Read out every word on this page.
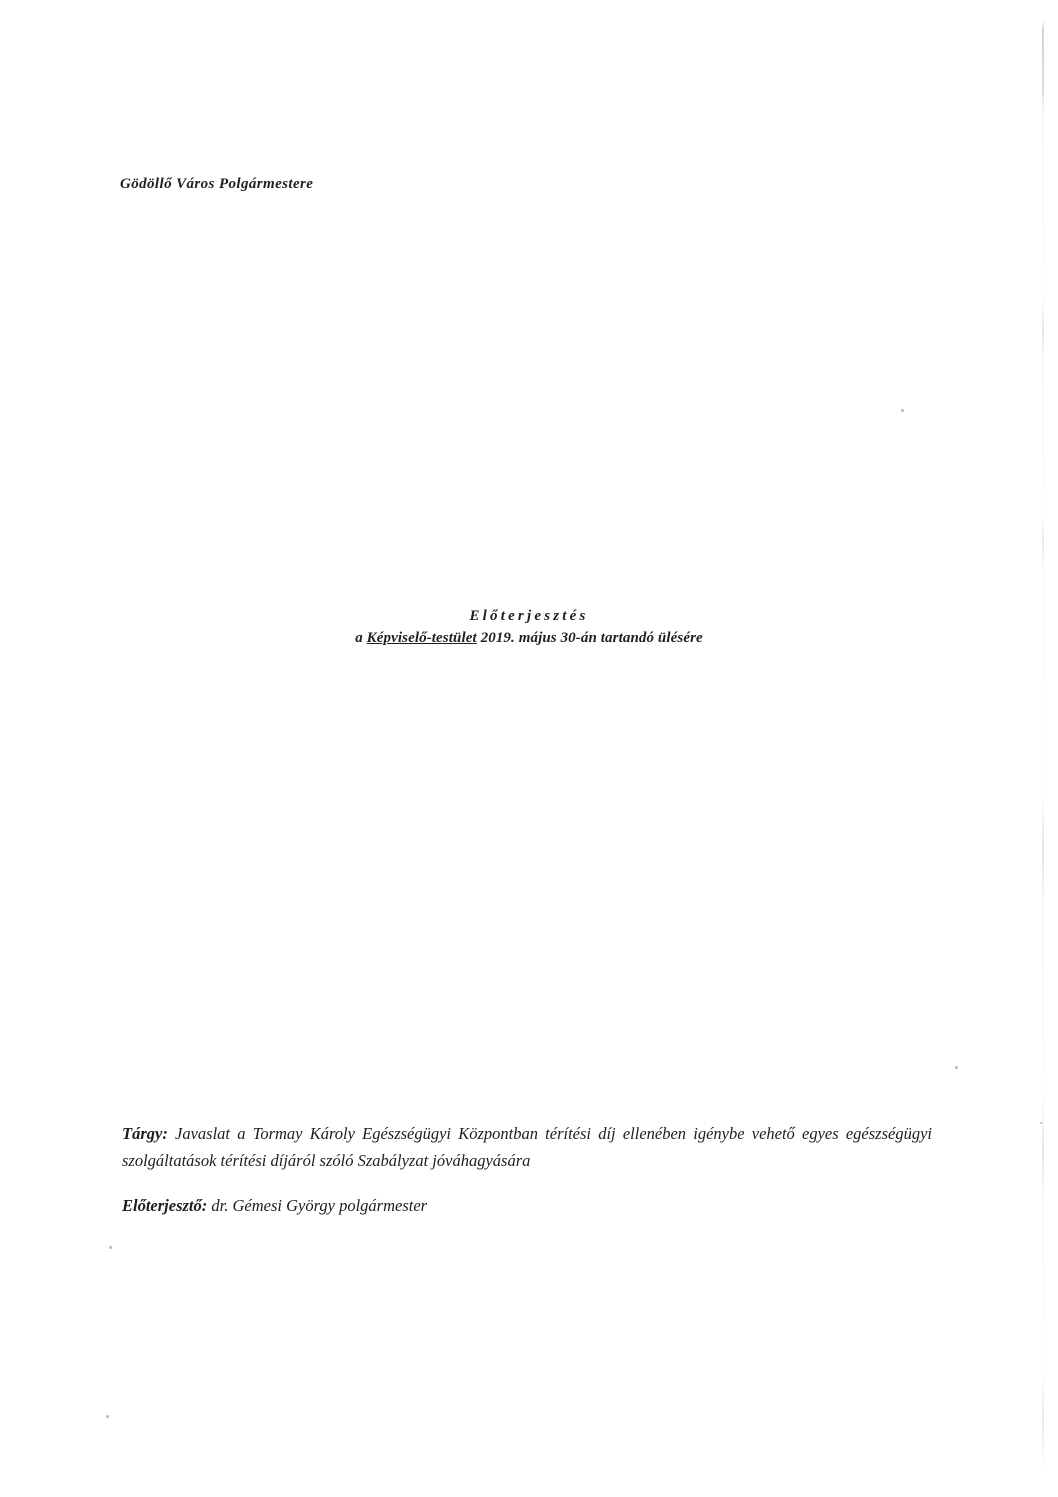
Gödöllő Város Polgármestere
Előterjesztés
a Képviselő-testület 2019. május 30-án tartandó ülésére
Tárgy: Javaslat a Tormay Károly Egészségügyi Központban térítési díj ellenében igénybe vehető egyes egészségügyi szolgáltatások térítési díjáról szóló Szabályzat jóváhagyására
Előterjesztő: dr. Gémesi György polgármester
